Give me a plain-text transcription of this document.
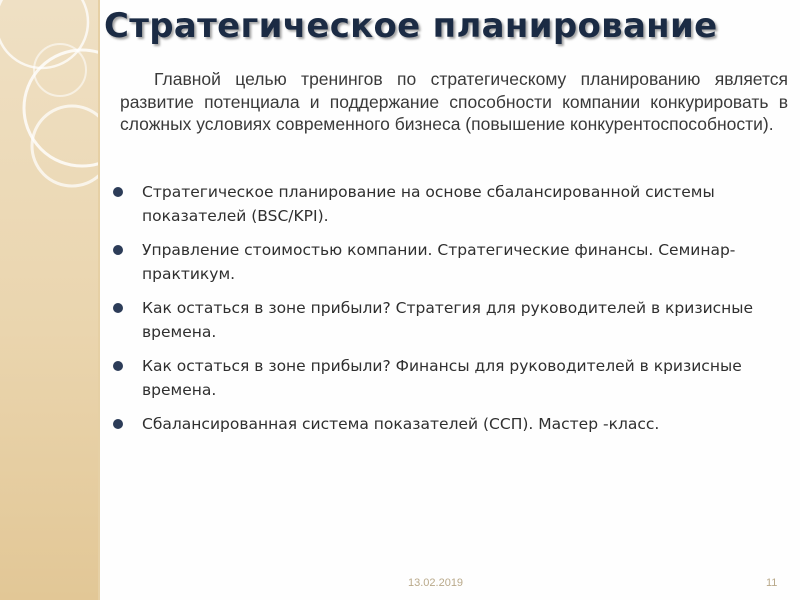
Стратегическое планирование

Главной целью тренингов по стратегическому планированию является развитие потенциала и поддержание способности компании конкурировать в сложных условиях современного бизнеса (повышение конкурентоспособности).

Стратегическое планирование на основе сбалансированной системы показателей (BSC/KPI).
Управление стоимостью компании. Стратегические финансы. Семинар-практикум.
Как остаться в зоне прибыли? Стратегия для руководителей в кризисные времена.
Как остаться в зоне прибыли? Финансы для руководителей в кризисные времена.
Сбалансированная система показателей (ССП). Мастер -класс.
13.02.2019	11
